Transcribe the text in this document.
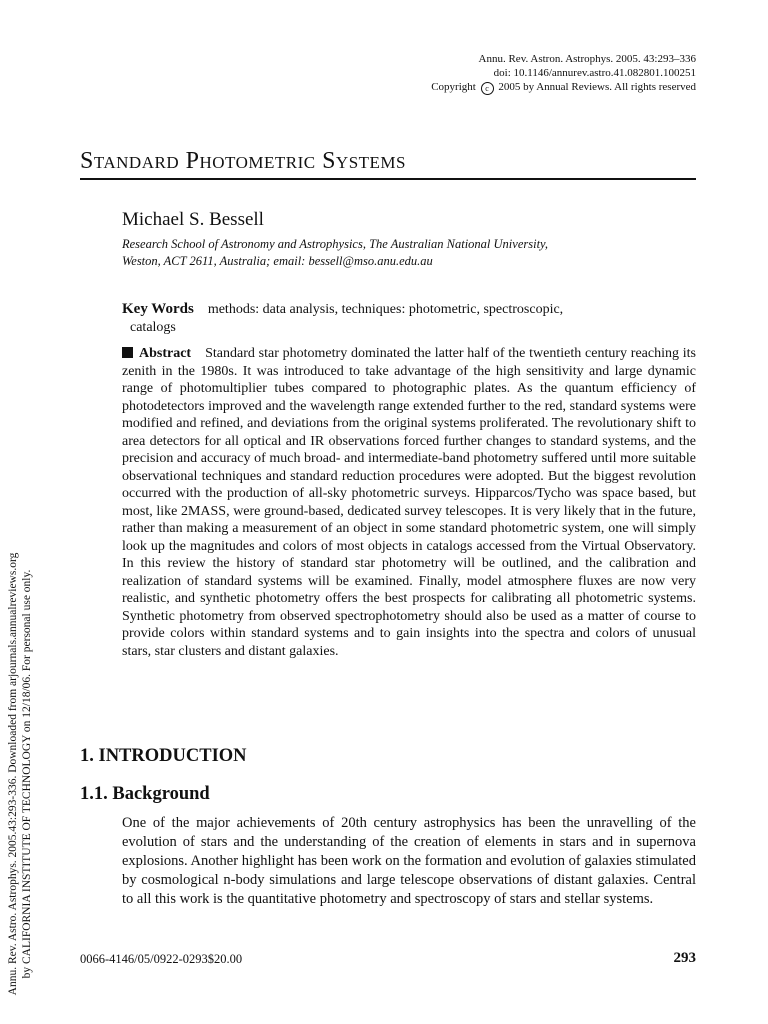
Annu. Rev. Astron. Astrophys. 2005. 43:293–336
doi: 10.1146/annurev.astro.41.082801.100251
Copyright c 2005 by Annual Reviews. All rights reserved
Annu. Rev. Astro. Astrophys. 2005.43:293-336. Downloaded from arjournals.annualreviews.org by CALIFORNIA INSTITUTE OF TECHNOLOGY on 12/18/06. For personal use only.
Standard Photometric Systems
Michael S. Bessell
Research School of Astronomy and Astrophysics, The Australian National University,
Weston, ACT 2611, Australia; email: bessell@mso.anu.edu.au
Key Words methods: data analysis, techniques: photometric, spectroscopic,
catalogs
Abstract Standard star photometry dominated the latter half of the twentieth century reaching its zenith in the 1980s. It was introduced to take advantage of the high sensitivity and large dynamic range of photomultiplier tubes compared to photographic plates. As the quantum efficiency of photodetectors improved and the wavelength range extended further to the red, standard systems were modified and refined, and deviations from the original systems proliferated. The revolutionary shift to area detectors for all optical and IR observations forced further changes to standard systems, and the precision and accuracy of much broad- and intermediate-band photometry suffered until more suitable observational techniques and standard reduction procedures were adopted. But the biggest revolution occurred with the production of all-sky photometric surveys. Hipparcos/Tycho was space based, but most, like 2MASS, were ground-based, dedicated survey telescopes. It is very likely that in the future, rather than making a measurement of an object in some standard photometric system, one will simply look up the magnitudes and colors of most objects in catalogs accessed from the Virtual Observatory. In this review the history of standard star photometry will be outlined, and the calibration and realization of standard systems will be examined. Finally, model atmosphere fluxes are now very realistic, and synthetic photometry offers the best prospects for calibrating all photometric systems. Synthetic photometry from observed spectrophotometry should also be used as a matter of course to provide colors within standard systems and to gain insights into the spectra and colors of unusual stars, star clusters and distant galaxies.
1. INTRODUCTION
1.1. Background

One of the major achievements of 20th century astrophysics has been the unravelling of the evolution of stars and the understanding of the creation of elements in stars and in supernova explosions. Another highlight has been work on the formation and evolution of galaxies stimulated by cosmological n-body simulations and large telescope observations of distant galaxies. Central to all this work is the quantitative photometry and spectroscopy of stars and stellar systems.

0066-4146/05/0922-0293$20.00	293
